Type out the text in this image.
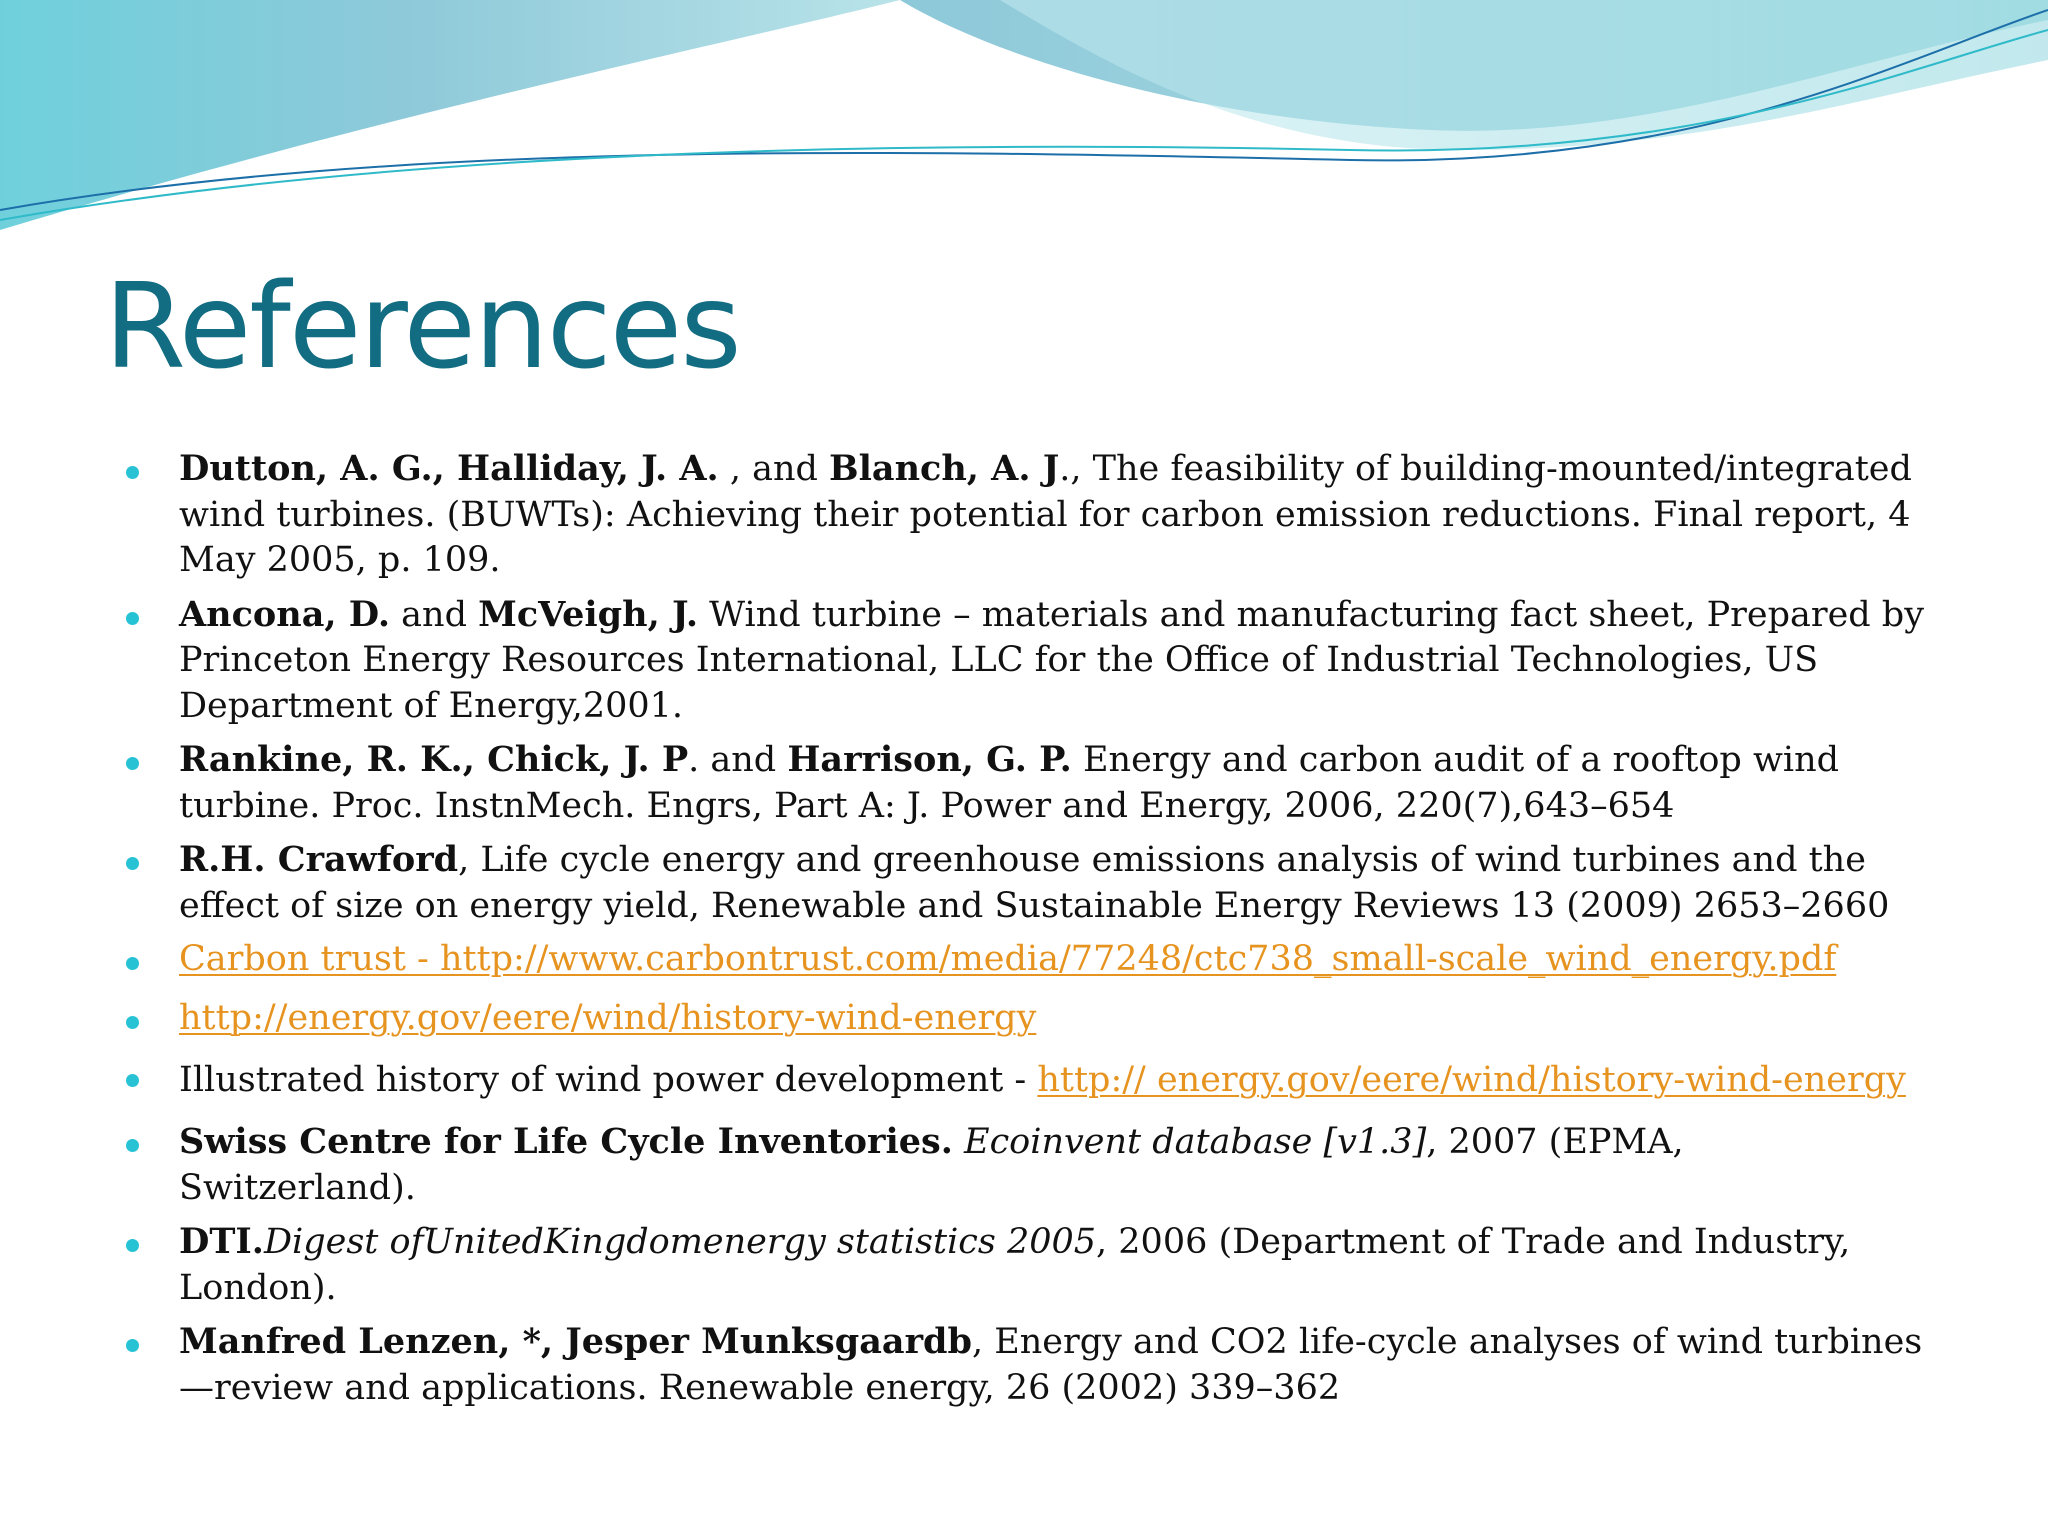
References
Dutton, A. G., Halliday, J. A. , and Blanch, A. J., The feasibility of building-mounted/integrated wind turbines. (BUWTs): Achieving their potential for carbon emission reductions. Final report, 4 May 2005, p. 109.
Ancona, D. and McVeigh, J. Wind turbine – materials and manufacturing fact sheet, Prepared by Princeton Energy Resources International, LLC for the Office of Industrial Technologies, US Department of Energy,2001.
Rankine, R. K., Chick, J. P. and Harrison, G. P. Energy and carbon audit of a rooftop wind turbine. Proc. InstnMech. Engrs, Part A: J. Power and Energy, 2006, 220(7),643–654
R.H. Crawford, Life cycle energy and greenhouse emissions analysis of wind turbines and the effect of size on energy yield, Renewable and Sustainable Energy Reviews 13 (2009) 2653–2660
Carbon trust - http://www.carbontrust.com/media/77248/ctc738_small-scale_wind_energy.pdf
http://energy.gov/eere/wind/history-wind-energy
Illustrated history of wind power development - http:// energy.gov/eere/wind/history-wind-energy
Swiss Centre for Life Cycle Inventories. Ecoinvent database [v1.3], 2007 (EPMA, Switzerland).
DTI.Digest ofUnitedKingdomenergy statistics 2005, 2006 (Department of Trade and Industry, London).
Manfred Lenzen, *, Jesper Munksgaardb, Energy and CO2 life-cycle analyses of wind turbines—review and applications. Renewable energy, 26 (2002) 339–362
